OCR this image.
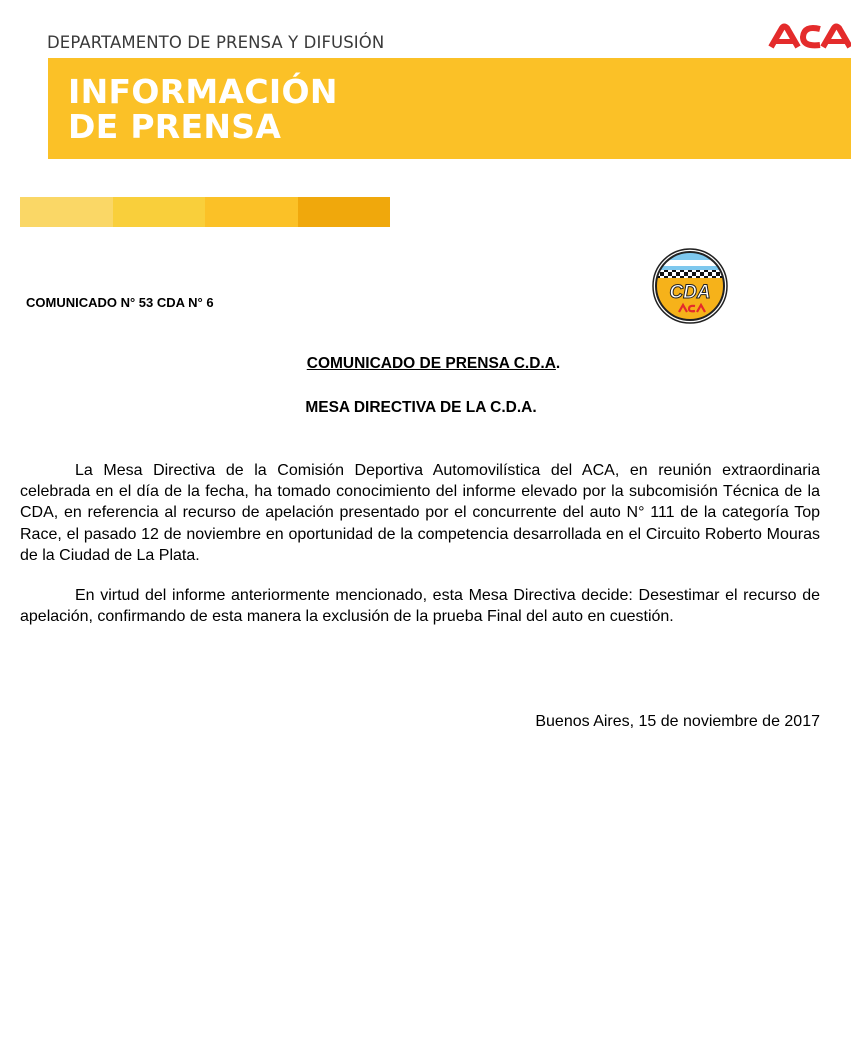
DEPARTAMENTO DE PRENSA Y DIFUSIÓN
INFORMACIÓN
DE PRENSA
COMUNICADO N° 53 CDA N° 6	CDA
COMUNICADO DE PRENSA C.D.A.
MESA DIRECTIVA DE LA C.D.A.

La Mesa Directiva de la Comisión Deportiva Automovilística del ACA, en reunión extraordinaria celebrada en el día de la fecha, ha tomado conocimiento del informe elevado por la subcomisión Técnica de la CDA, en referencia al recurso de apelación presentado por el concurrente del auto N° 111 de la categoría Top Race, el pasado 12 de noviembre en oportunidad de la competencia desarrollada en el Circuito Roberto Mouras de la Ciudad de La Plata.

En virtud del informe anteriormente mencionado, esta Mesa Directiva decide: Desestimar el recurso de apelación, confirmando de esta manera la exclusión de la prueba Final del auto en cuestión.

Buenos Aires, 15 de noviembre de 2017
